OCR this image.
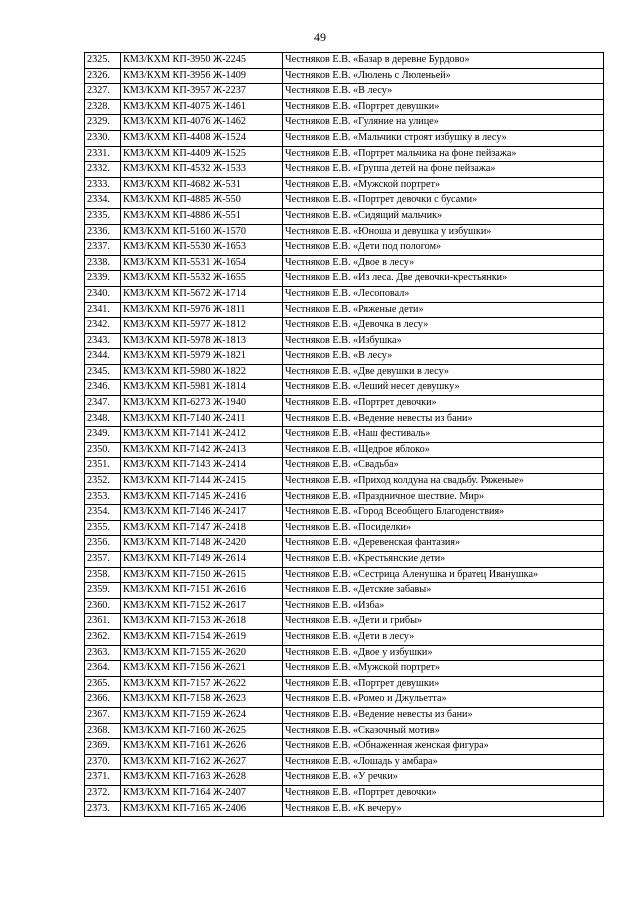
49
2325.	КМЗ/КХМ КП-3950 Ж-2245	Честняков Е.В. «Базар в деревне Бурдово»
2326.	КМЗ/КХМ КП-3956 Ж-1409	Честняков Е.В. «Люлень с Люленьей»
2327.	КМЗ/КХМ КП-3957 Ж-2237	Честняков Е.В. «В лесу»
2328.	КМЗ/КХМ КП-4075 Ж-1461	Честняков Е.В. «Портрет девушки»
2329.	КМЗ/КХМ КП-4076 Ж-1462	Честняков Е.В. «Гуляние на улице»
2330.	КМЗ/КХМ КП-4408 Ж-1524	Честняков Е.В. «Мальчики строят избушку в лесу»
2331.	КМЗ/КХМ КП-4409 Ж-1525	Честняков Е.В. «Портрет мальчика на фоне пейзажа»
2332.	КМЗ/КХМ КП-4532 Ж-1533	Честняков Е.В. «Группа детей на фоне пейзажа»
2333.	КМЗ/КХМ КП-4682 Ж-531	Честняков Е.В. «Мужской портрет»
2334.	КМЗ/КХМ КП-4885 Ж-550	Честняков Е.В. «Портрет девочки с бусами»
2335.	КМЗ/КХМ КП-4886 Ж-551	Честняков Е.В. «Сидящий мальчик»
2336.	КМЗ/КХМ КП-5160 Ж-1570	Честняков Е.В. «Юноша и девушка у избушки»
2337.	КМЗ/КХМ КП-5530 Ж-1653	Честняков Е.В. «Дети под пологом»
2338.	КМЗ/КХМ КП-5531 Ж-1654	Честняков Е.В. «Двое в лесу»
2339.	КМЗ/КХМ КП-5532 Ж-1655	Честняков Е.В. «Из леса. Две девочки-крестьянки»
2340.	КМЗ/КХМ КП-5672 Ж-1714	Честняков Е.В. «Лесоповал»
2341.	КМЗ/КХМ КП-5976 Ж-1811	Честняков Е.В. «Ряженые дети»
2342.	КМЗ/КХМ КП-5977 Ж-1812	Честняков Е.В. «Девочка в лесу»
2343.	КМЗ/КХМ КП-5978 Ж-1813	Честняков Е.В. «Избушка»
2344.	КМЗ/КХМ КП-5979 Ж-1821	Честняков Е.В. «В лесу»
2345.	КМЗ/КХМ КП-5980 Ж-1822	Честняков Е.В. «Две девушки в лесу»
2346.	КМЗ/КХМ КП-5981 Ж-1814	Честняков Е.В. «Леший несет девушку»
2347.	КМЗ/КХМ КП-6273 Ж-1940	Честняков Е.В. «Портрет девочки»
2348.	КМЗ/КХМ КП-7140 Ж-2411	Честняков Е.В. «Ведение невесты из бани»
2349.	КМЗ/КХМ КП-7141 Ж-2412	Честняков Е.В. «Наш фестиваль»
2350.	КМЗ/КХМ КП-7142 Ж-2413	Честняков Е.В. «Щедрое яблоко»
2351.	КМЗ/КХМ КП-7143 Ж-2414	Честняков Е.В. «Свадьба»
2352.	КМЗ/КХМ КП-7144 Ж-2415	Честняков Е.В. «Приход колдуна на свадьбу. Ряженые»
2353.	КМЗ/КХМ КП-7145 Ж-2416	Честняков Е.В. «Праздничное шествие. Мир»
2354.	КМЗ/КХМ КП-7146 Ж-2417	Честняков Е.В. «Город Всеобщего Благоденствия»
2355.	КМЗ/КХМ КП-7147 Ж-2418	Честняков Е.В. «Посиделки»
2356.	КМЗ/КХМ КП-7148 Ж-2420	Честняков Е.В. «Деревенская фантазия»
2357.	КМЗ/КХМ КП-7149 Ж-2614	Честняков Е.В. «Крестьянские дети»
2358.	КМЗ/КХМ КП-7150 Ж-2615	Честняков Е.В. «Сестрица Аленушка и братец Иванушка»
2359.	КМЗ/КХМ КП-7151 Ж-2616	Честняков Е.В. «Детские забавы»
2360.	КМЗ/КХМ КП-7152 Ж-2617	Честняков Е.В. «Изба»
2361.	КМЗ/КХМ КП-7153 Ж-2618	Честняков Е.В. «Дети и грибы»
2362.	КМЗ/КХМ КП-7154 Ж-2619	Честняков Е.В. «Дети в лесу»
2363.	КМЗ/КХМ КП-7155 Ж-2620	Честняков Е.В. «Двое у избушки»
2364.	КМЗ/КХМ КП-7156 Ж-2621	Честняков Е.В. «Мужской портрет»
2365.	КМЗ/КХМ КП-7157 Ж-2622	Честняков Е.В. «Портрет девушки»
2366.	КМЗ/КХМ КП-7158 Ж-2623	Честняков Е.В. «Ромео и Джульетта»
2367.	КМЗ/КХМ КП-7159 Ж-2624	Честняков Е.В. «Ведение невесты из бани»
2368.	КМЗ/КХМ КП-7160 Ж-2625	Честняков Е.В. «Сказочный мотив»
2369.	КМЗ/КХМ КП-7161 Ж-2626	Честняков Е.В. «Обнаженная женская фигура»
2370.	КМЗ/КХМ КП-7162 Ж-2627	Честняков Е.В. «Лошадь у амбара»
2371.	КМЗ/КХМ КП-7163 Ж-2628	Честняков Е.В. «У речки»
2372.	КМЗ/КХМ КП-7164 Ж-2407	Честняков Е.В. «Портрет девочки»
2373.	КМЗ/КХМ КП-7165 Ж-2406	Честняков Е.В. «К вечеру»
